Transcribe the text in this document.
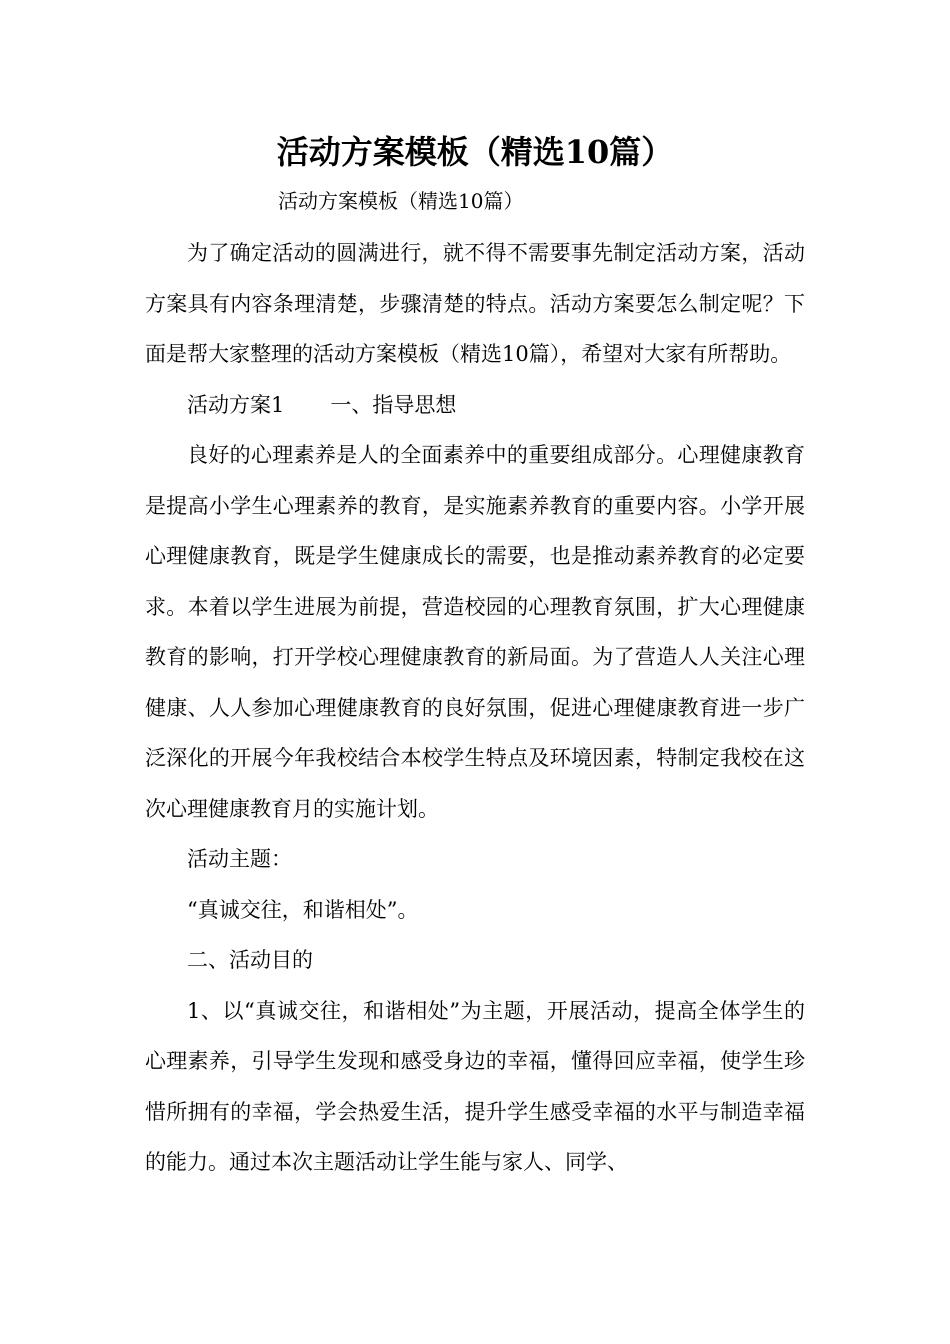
活动方案模板（精选10篇）
活动方案模板（精选10篇）

为了确定活动的圆满进行，就不得不需要事先制定活动方案，活动方案具有内容条理清楚，步骤清楚的特点。活动方案要怎么制定呢？下面是帮大家整理的活动方案模板（精选10篇），希望对大家有所帮助。

活动方案1 一、指导思想

良好的心理素养是人的全面素养中的重要组成部分。心理健康教育是提高小学生心理素养的教育，是实施素养教育的重要内容。小学开展心理健康教育，既是学生健康成长的需要，也是推动素养教育的必定要求。本着以学生进展为前提，营造校园的心理教育氛围，扩大心理健康教育的影响，打开学校心理健康教育的新局面。为了营造人人关注心理健康、人人参加心理健康教育的良好氛围，促进心理健康教育进一步广泛深化的开展今年我校结合本校学生特点及环境因素，特制定我校在这次心理健康教育月的实施计划。

活动主题：

“真诚交往，和谐相处”。

二、活动目的

1、以“真诚交往，和谐相处”为主题，开展活动，提高全体学生的心理素养，引导学生发现和感受身边的幸福，懂得回应幸福，使学生珍惜所拥有的幸福，学会热爱生活，提升学生感受幸福的水平与制造幸福的能力。通过本次主题活动让学生能与家人、同学、
